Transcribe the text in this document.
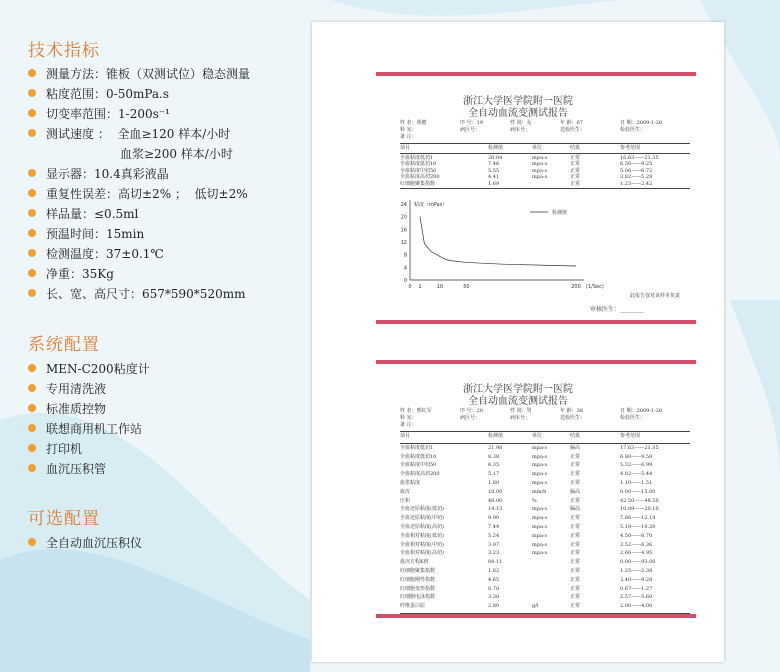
技术指标
测量方法：锥板（双测试位）稳态测量
粘度范围：0-50mPa.s
切变率范围：1-200s⁻¹
测试速度 ：  全血≥120 样本/小时
血浆≥200 样本/小时
显示器：10.4真彩液晶
重复性误差：高切±2% ；  低切±2%
样品量：≤0.5ml
预温时间：15min
检测温度：37±0.1℃
净重：35Kg
长、宽、高尺寸：657*590*520mm
系统配置
MEN-C200粘度计
专用清洗液
标准质控物
联想商用机工作站
打印机
血沉压积管
可选配置
全自动血沉压积仪
浙江大学医学院附一医院
全自动血流变测试报告
姓 名：黄健	序 号：19	性 别：女	年 龄：67	日 期：2009-1-20
科 室：	病区号：	病床号：	送检医生：	检验医生：
备 注：
项目	检测值	单位	结果	参考范围
全血粘度低切1	20.04	mpa·s	正常	16.63——21.35
全血粘度低切10	7.46	mpa·s	正常	6.50——9.25
全血粘度中切50	5.55	mpa·s	正常	5.06——6.72
全血粘度高切200	4.41	mpa·s	正常	3.82——5.28
红细胞聚集指数	1.69	正常	1.23——2.42
24
20
16
12
8
4
0
0 1	10	50	200
粘度（mPas）
(1/Sec)
检测值
此报告仅对该样本负责
审核医生：________
浙江大学医学院附一医院
全自动血流变测试报告
姓 名：邢红军	序 号：20	性 别：男	年 龄：38	日 期：2009-1-20
科 室：	病区号：	病床号：	送检医生：	检验医生：
备 注：
项目	检测值	单位	结果	参考范围
全血粘度低切1	21.98	mpa·s	偏高	17.63——21.35
全血粘度低切10	8.38	mpa·s	正常	6.80——9.58
全血粘度中切50	6.35	mpa·s	正常	5.32——6.99
全血粘度高切200	5.17	mpa·s	正常	4.02——5.44
血浆粘度	1.60	mpa·s	正常	1.10——1.51
血沉	18.00	mm/h	偏高	0.00——15.00
压积	48.00	%	正常	42.50——48.50
全血还原粘度(低切)	14.13	mpa·s	偏高	10.09——20.10
全血还原粘度(中切)	9.90	mpa·s	正常	7.86——12.14
全血还原粘度(高切)	7.44	mpa·s	正常	5.18——10.20
全血相对粘度(低切)	5.24	mpa·s	正常	4.50——8.70
全血相对粘度(中切)	3.97	mpa·s	正常	3.52——6.36
全血相对粘度(高切)	3.23	mpa·s	正常	2.66——4.95
血沉方程K值	84.11	正常	0.00——93.00
红细胞聚集指数	1.62	正常	1.25——2.38
红细胞刚性指数	4.65	正常	3.40——9.28
红细胞变形指数	0.78	正常	0.67——1.27
红细胞电泳指数	3.38	正常	2.57——5.60
纤维蛋白原	2.80	g/l	正常	2.00——4.00
